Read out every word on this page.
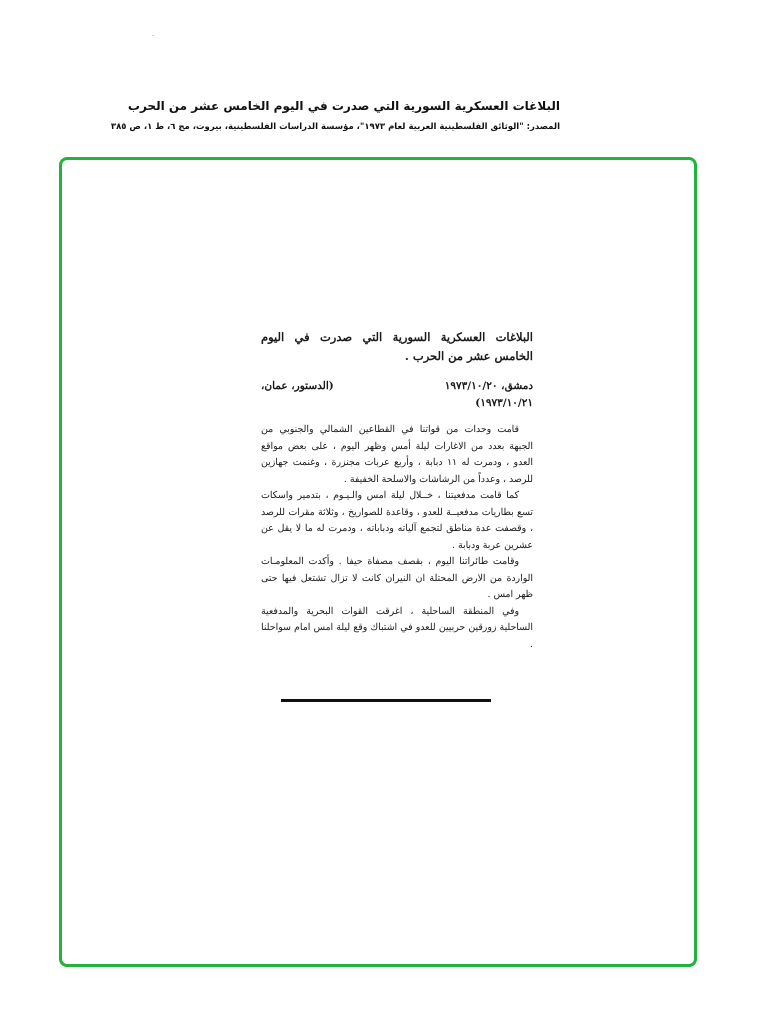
البلاغات العسكرية السورية التي صدرت في اليوم الخامس عشر من الحرب

المصدر: "الوثائق الفلسطينية العربية لعام ١٩٧٣"، مؤسسة الدراسات الفلسطينية، بيروت، مج ٦، ط ١، ص ٣٨٥

البلاغات العسكرية السورية التي صدرت في اليوم الخامس عشر من الحرب .

دمشق، ١٩٧٣/١٠/٢٠
(الدستور، عمان،
١٩٧٣/١٠/٢١)

قامت وحدات من قواتنا في القطاعين الشمالي والجنوبي من الجبهة بعدد من الاغارات ليلة أمس وظهر اليوم ، على بعض مواقع العدو ، ودمرت له ١١ دبابة ، وأربع عربات مجنزرة ، وغنمت جهازين للرصد ، وعدداً من الرشاشات والاسلحة الخفيفة .

كما قامت مدفعيتنا ، خــلال ليلة امس والـيـوم ، بتدمير واسكات تسع بطاريات مدفعيــة للعدو ، وقاعدة للصواريخ ، وثلاثة مقرات للرصد ، وقصفت عدة مناطق لتجمع آلياته ودباباته ، ودمرت له ما لا يقل عن عشرين عربة ودبابة .

وقامت طائراتنا اليوم ، بقصف مصفاة حيفا . وأكدت المعلومـات الواردة من الارض المحتلة ان النيران كانت لا تزال تشتعل فيها حتى ظهر امس .

وفي المنطقة الساحلية ، اغرقت القوات البحرية والمدفعية الساحلية زورقين حربيين للعدو في اشتباك وقع ليلة امس امام سواحلنا .
